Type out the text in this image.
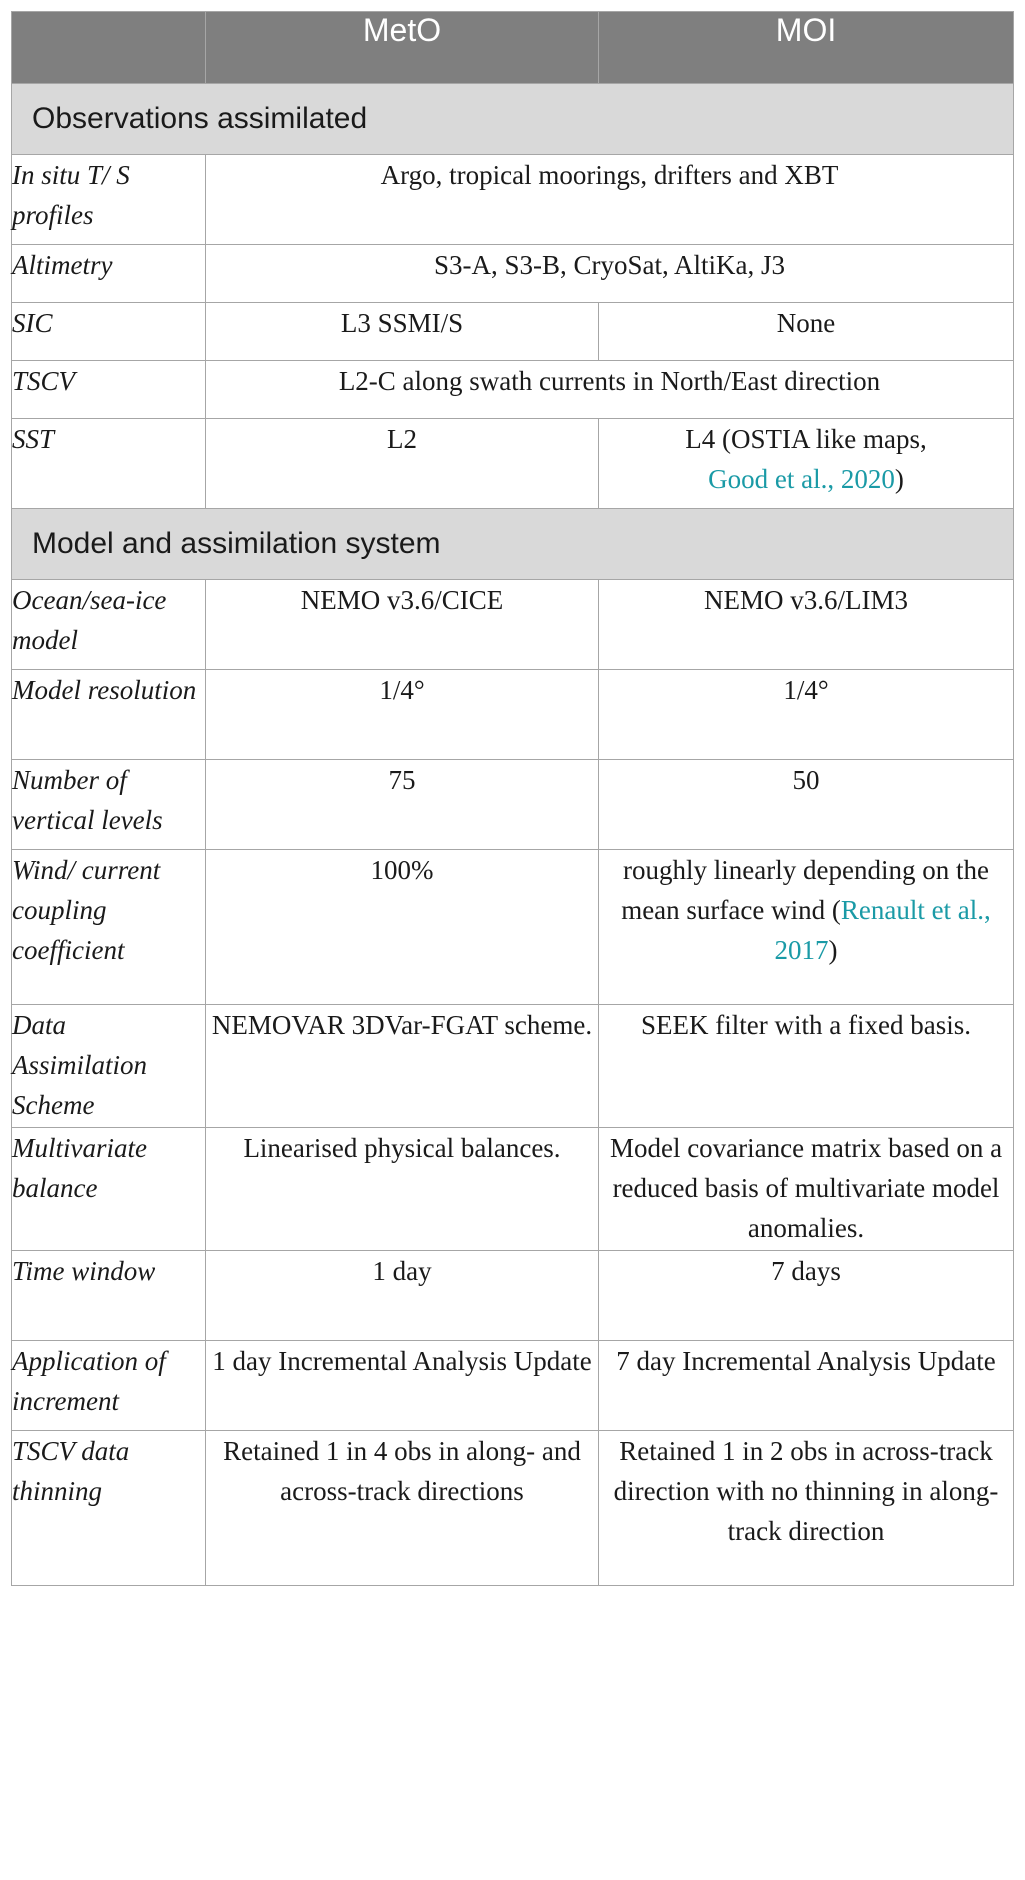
	MetO	MOI
Observations assimilated		
In situ T/ S profiles	Argo, tropical moorings, drifters and XBT	
Altimetry	S3-A, S3-B, CryoSat, AltiKa, J3	
SIC	L3 SSMI/S	None
TSCV	L2-C along swath currents in North/East direction	
SST	L2	L4 (OSTIA like maps,
Good et al., 2020)
Model and assimilation system		
Ocean/sea-ice model	NEMO v3.6/CICE	NEMO v3.6/LIM3
Model resolution	1/4°	1/4°
Number of vertical levels	75	50
Wind/ current coupling coefficient	100%	roughly linearly depending on the mean surface wind (Renault et al., 2017)
Data Assimilation Scheme	NEMOVAR 3DVar-FGAT scheme.	SEEK filter with a fixed basis.
Multivariate balance	Linearised physical balances.	Model covariance matrix based on a reduced basis of multivariate model anomalies.
Time window	1 day	7 days
Application of increment	1 day Incremental Analysis Update	7 day Incremental Analysis Update
TSCV data thinning	Retained 1 in 4 obs in along- and across-track directions	Retained 1 in 2 obs in across-track direction with no thinning in along-track direction
